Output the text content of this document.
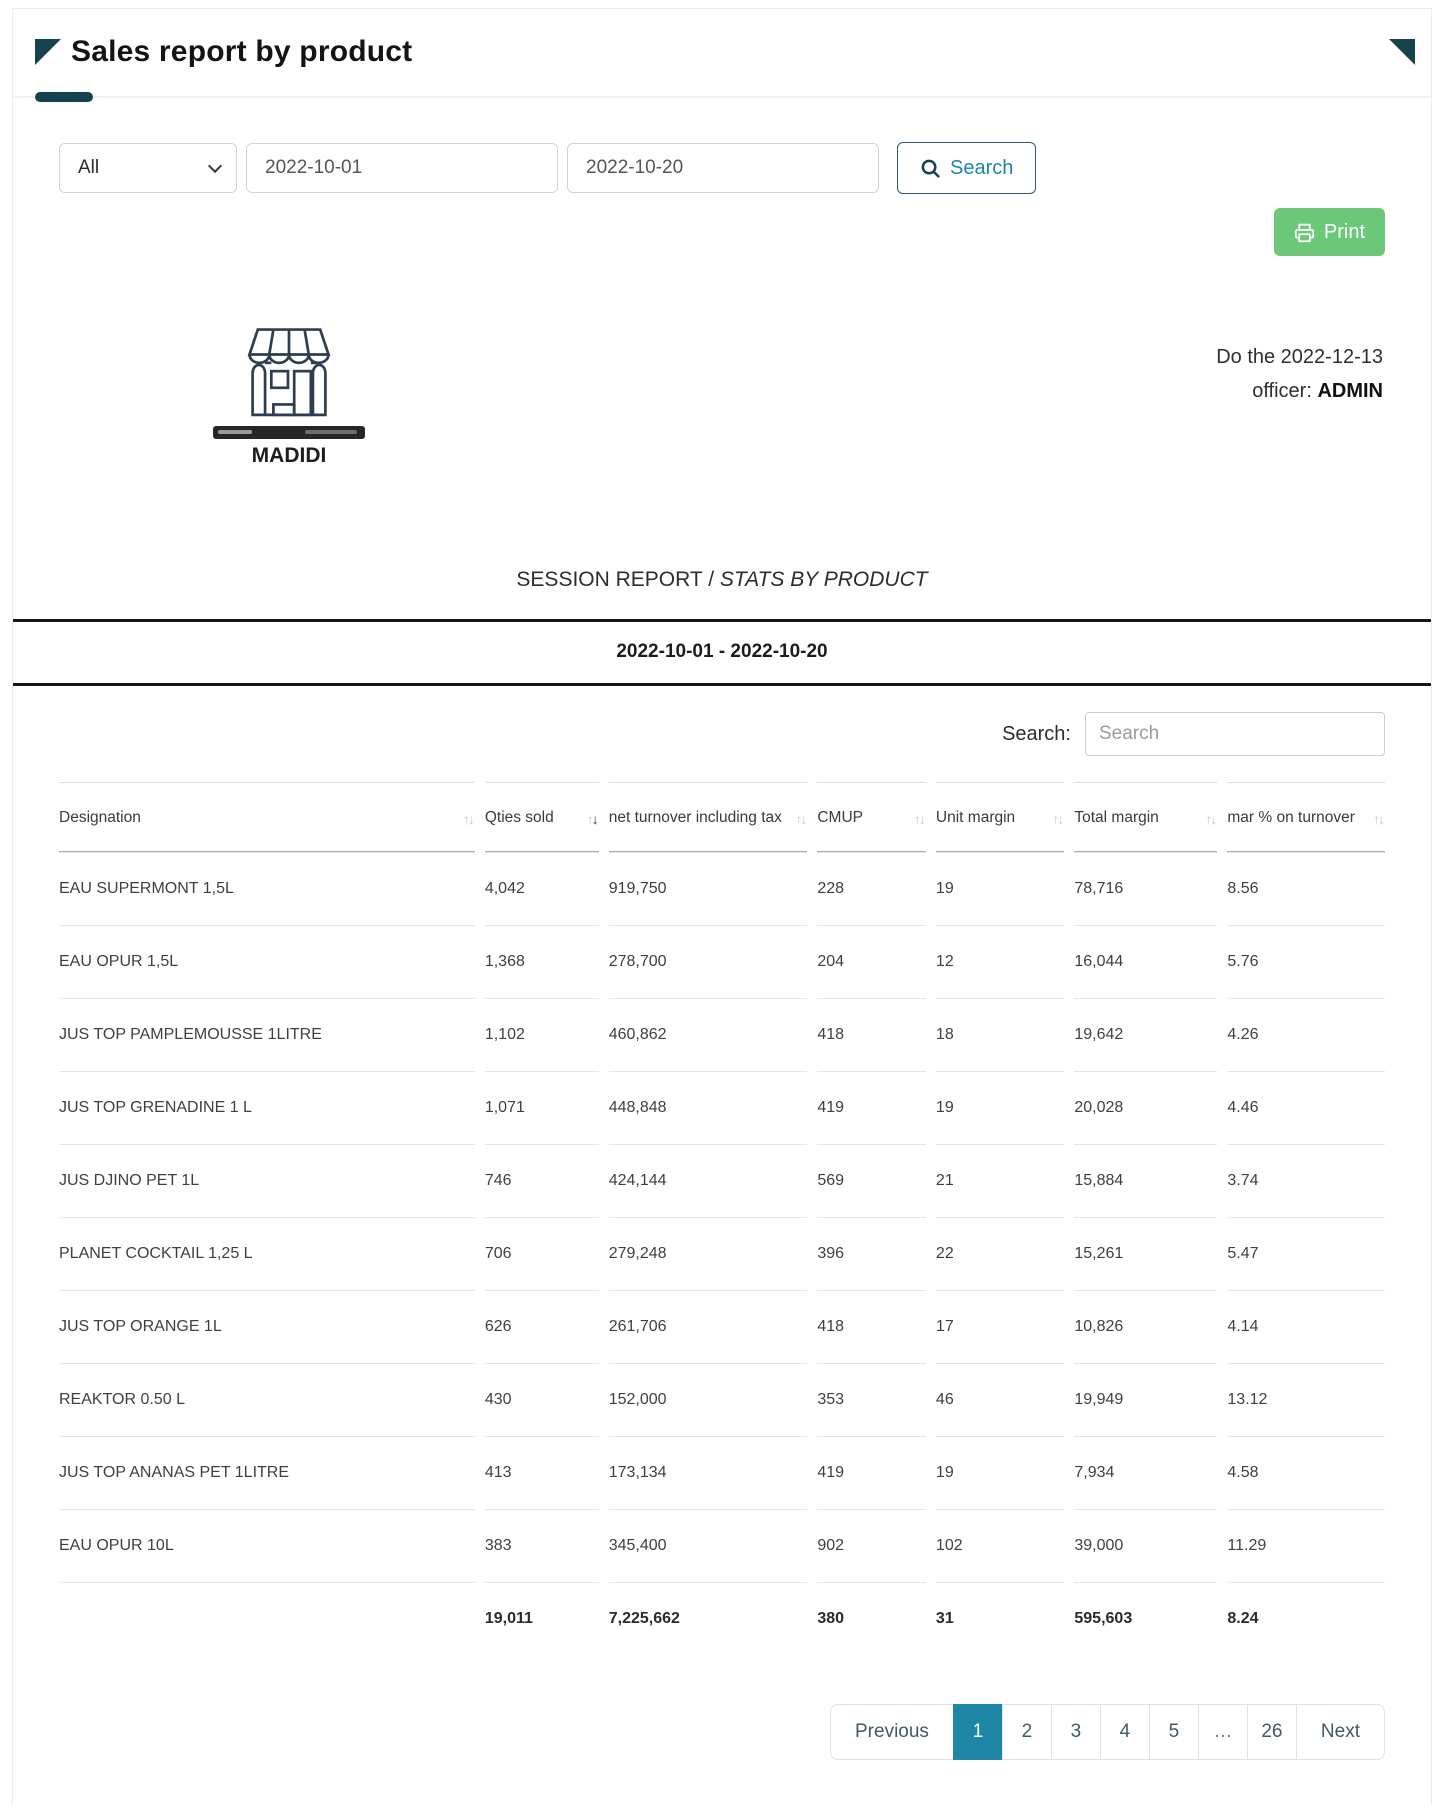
Sales report by product
All
2022-10-01
2022-10-20	Search
Print
MADIDI
Do the 2022-12-13
officer: ADMIN
SESSION REPORT / STATS BY PRODUCT
2022-10-01 - 2022-10-20
Search:
Search
Designation ↑↓	Qties sold ↑↓	net turnover including tax ↑↓	CMUP ↑↓	Unit margin ↑↓	Total margin ↑↓	mar % on turnover ↑↓

EAU SUPERMONT 1,5L	4,042	919,750	228	19	78,716	8.56
EAU OPUR 1,5L	1,368	278,700	204	12	16,044	5.76
JUS TOP PAMPLEMOUSSE 1LITRE	1,102	460,862	418	18	19,642	4.26
JUS TOP GRENADINE 1 L	1,071	448,848	419	19	20,028	4.46
JUS DJINO PET 1L	746	424,144	569	21	15,884	3.74
PLANET COCKTAIL 1,25 L	706	279,248	396	22	15,261	5.47
JUS TOP ORANGE 1L	626	261,706	418	17	10,826	4.14
REAKTOR 0.50 L	430	152,000	353	46	19,949	13.12
JUS TOP ANANAS PET 1LITRE	413	173,134	419	19	7,934	4.58
EAU OPUR 10L	383	345,400	902	102	39,000	11.29
	19,011	7,225,662	380	31	595,603	8.24
Previous	1	2	3	4	5	…	26	Next
